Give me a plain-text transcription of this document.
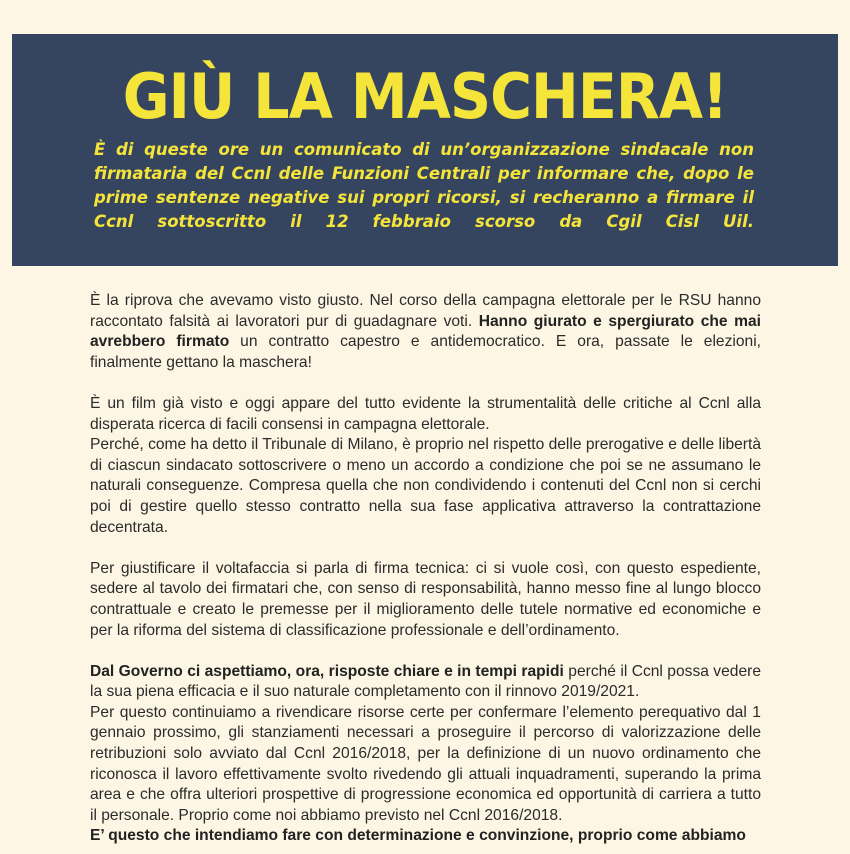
GIÙ LA MASCHERA!
È di queste ore un comunicato di un’organizzazione sindacale non firmataria del Ccnl delle Funzioni Centrali per informare che, dopo le prime sentenze negative sui propri ricorsi, si recheranno a firmare il Ccnl sottoscritto il 12 febbraio scorso da Cgil Cisl Uil.

È la riprova che avevamo visto giusto. Nel corso della campagna elettorale per le RSU hanno raccontato falsità ai lavoratori pur di guadagnare voti. Hanno giurato e spergiurato che mai avrebbero firmato un contratto capestro e antidemocratico. E ora, passate le elezioni, finalmente gettano la maschera!

È un film già visto e oggi appare del tutto evidente la strumentalità delle critiche al Ccnl alla disperata ricerca di facili consensi in campagna elettorale.

Perché, come ha detto il Tribunale di Milano, è proprio nel rispetto delle prerogative e delle libertà di ciascun sindacato sottoscrivere o meno un accordo a condizione che poi se ne assumano le naturali conseguenze. Compresa quella che non condividendo i contenuti del Ccnl non si cerchi poi di gestire quello stesso contratto nella sua fase applicativa attraverso la contrattazione decentrata.

Per giustificare il voltafaccia si parla di firma tecnica: ci si vuole così, con questo espediente, sedere al tavolo dei firmatari che, con senso di responsabilità, hanno messo fine al lungo blocco contrattuale e creato le premesse per il miglioramento delle tutele normative ed economiche e per la riforma del sistema di classificazione professionale e dell’ordinamento.

Dal Governo ci aspettiamo, ora, risposte chiare e in tempi rapidi perché il Ccnl possa vedere la sua piena efficacia e il suo naturale completamento con il rinnovo 2019/2021.

Per questo continuiamo a rivendicare risorse certe per confermare l’elemento perequativo dal 1 gennaio prossimo, gli stanziamenti necessari a proseguire il percorso di valorizzazione delle retribuzioni solo avviato dal Ccnl 2016/2018, per la definizione di un nuovo ordinamento che riconosca il lavoro effettivamente svolto rivedendo gli attuali inquadramenti, superando la prima area e che offra ulteriori prospettive di progressione economica ed opportunità di carriera a tutto il personale. Proprio come noi abbiamo previsto nel Ccnl 2016/2018.

E’ questo che intendiamo fare con determinazione e convinzione, proprio come abbiamo
